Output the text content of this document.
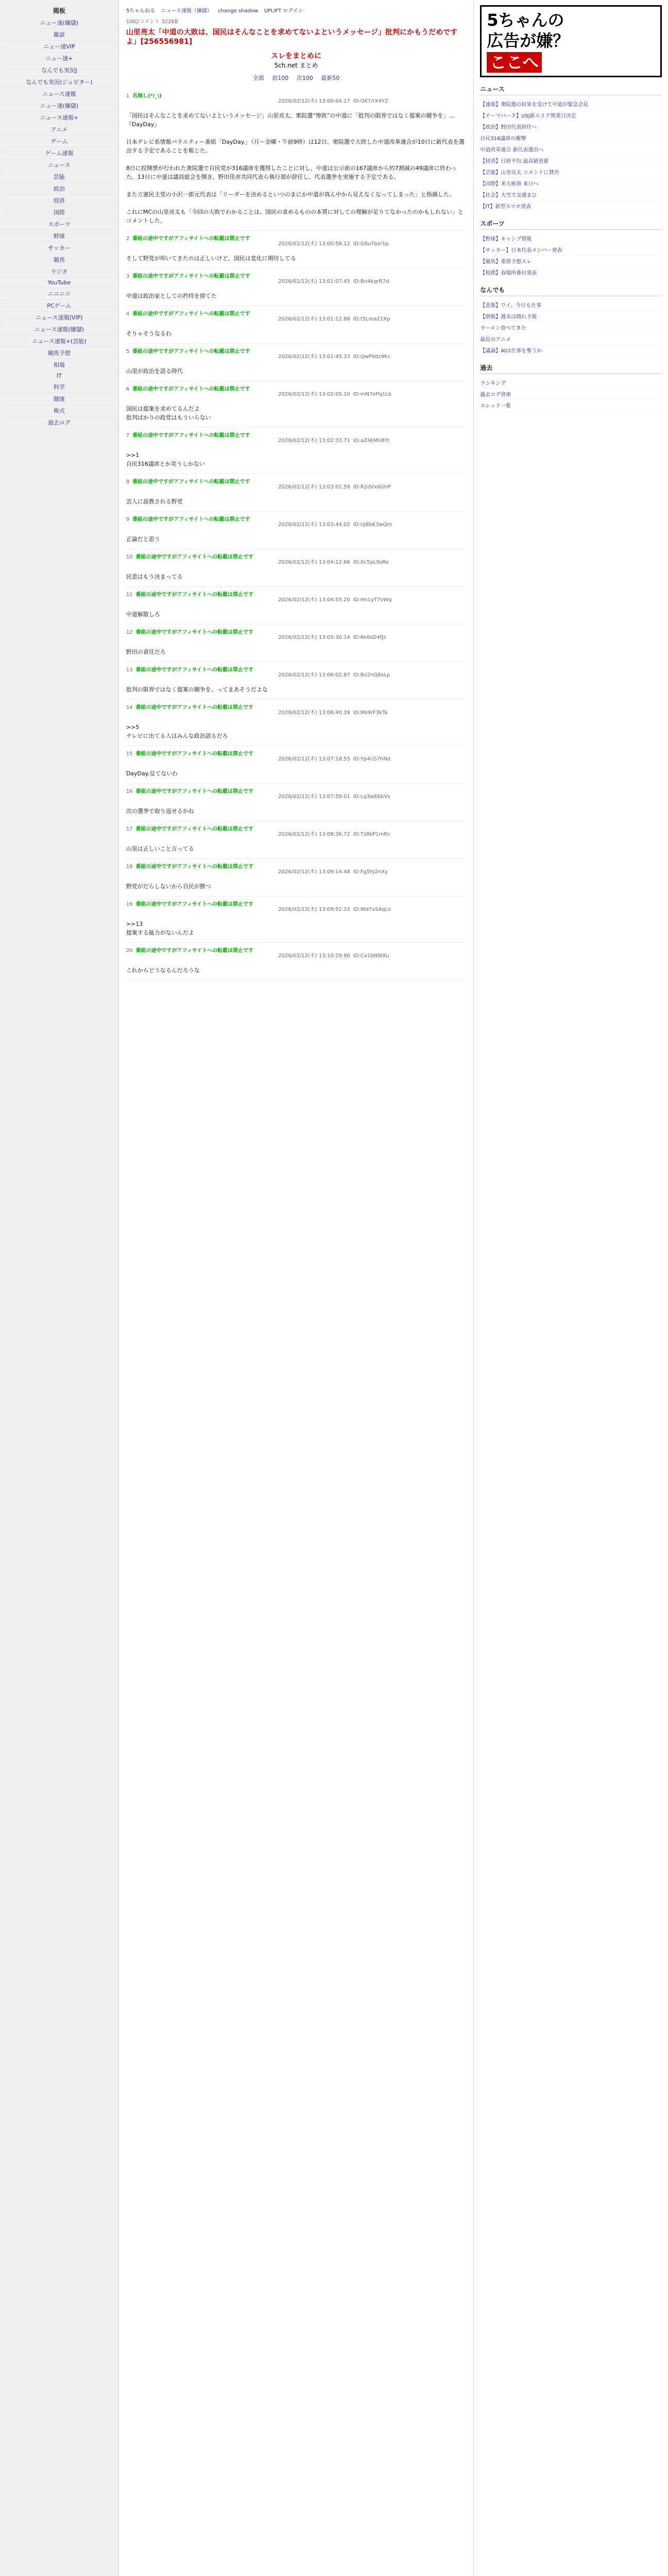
掲板
ニュー速(嫌儲)
雑談
ニュー速VIP
ニュー速+
なんでも実況J
なんでも実況(ジュピター)
ニュース速報
ニュー速(嫌儲)
ニュース速報+
アニメ
ゲーム
ゲーム速報
ニュース
芸能
政治
経済
国際
スポーツ
野球
サッカー
競馬
ラジオ
YouTube
ニコニコ
PCゲーム
ニュース速報(VIP)
ニュース速報(嫌儲)
ニュース速報+(芸能)
競馬予想
相場
IT
科学
健康
株式
過去ログ
5ちゃんねる ニュース速報（嫌儲） change shadow UPLIFT ログイン
1002コメント 322KB
山里亮太「中道の大敗は、国民はそんなことを求めてないよというメッセージ」批判にかもうだめですよ」[256556981]
スレをまとめに
5ch.net まとめ
全部 前100 次100 最新50
1 名無し(*/_\)
2026/02/12(木) 13:00:04.17 ID:OX7/rX4YZ
「国民はそんなことを求めてないよというメッセージ」山里亮太、衆院選“惨敗”の中道に「批判の限界ではなく提案の競争を」…『DayDay』

日本テレビ系情報バラエティー番組「DayDay.」（月～金曜・午前9時）は12日、衆院選で大敗した中道改革連合が10日に新代表を選出する予定であることを報じた。

8日に投開票が行われた衆院選で自民党が316議席を獲得したことに対し、中道は公示前の167議席から約7割減の49議席に終わった。13日に中道は議員総会を開き、野田佳彦共同代表ら執行部が辞任し、代表選挙を実施する予定である。

また立憲民主党の小沢一郎元代表は「リーダーを決めるといつのまにか中道が真ん中から見えなくなってしまった」と指摘した。

これにMCの山里亮太も「今回の大敗でわかることは、国民の求めるものの本質に対しての理解が足りてなかったのかもしれない」とコメントした。
2 番組の途中ですがアフィサイトへの転載は禁止です
2026/02/12(木) 13:00:58.12 ID:G8uYbzr1p
そして野党が叩いてきたのは正しいけど、国民は変化に期待してる
3 番組の途中ですがアフィサイトへの転載は禁止です
2026/02/12(木) 13:01:07.45 ID:Bn4kqrR7d
中道は政治家としての矜持を捨てた
4 番組の途中ですがアフィサイトへの転載は禁止です
2026/02/12(木) 13:01:12.88 ID:t5Lma21Xp
そりゃそうなるわ
5 番組の途中ですがアフィサイトへの転載は禁止です
2026/02/12(木) 13:01:45.33 ID:QwP0dz9Kc
山里が政治を語る時代
6 番組の途中ですがアフィサイトへの転載は禁止です
2026/02/12(木) 13:02:05.10 ID:mN7ePq1Lb
国民は提案を求めてるんだよ
批判ばかりの政党はもういらない
7 番組の途中ですがアフィサイトへの転載は禁止です
2026/02/12(木) 13:02:33.71 ID:aZ4kMn8Yt
>>1
自民316議席とか笑うしかない
8 番組の途中ですがアフィサイトへの転載は禁止です
2026/02/12(木) 13:03:01.59 ID:R2dVx6GhP
芸人に説教される野党
9 番組の途中ですがアフィサイトへの転載は禁止です
2026/02/12(木) 13:03:44.02 ID:Uj8bK3wQm
正論だと思う
10 番組の途中ですがアフィサイトへの転載は禁止です
2026/02/12(木) 13:04:12.66 ID:Xc5pL9sRe
民意はもう決まってる
11 番組の途中ですがアフィサイトへの転載は禁止です
2026/02/12(木) 13:04:55.20 ID:Hn1yT7vWq
中道解散しろ
12 番組の途中ですがアフィサイトへの転載は禁止です
2026/02/12(木) 13:05:30.14 ID:Ke6sD4fJz
野田の責任だろ
13 番組の途中ですがアフィサイトへの転載は禁止です
2026/02/12(木) 13:06:02.87 ID:Bv2nQ8xLp
批判の限界ではなく提案の競争を、ってまあそうだよな
14 番組の途中ですがアフィサイトへの転載は禁止です
2026/02/12(木) 13:06:40.39 ID:Ms9rF3kTa
>>5
テレビに出てる人はみんな政治語るだろ
15 番組の途中ですがアフィサイトへの転載は禁止です
2026/02/12(木) 13:07:18.55 ID:Yp4cG7hNd
DayDay.見てないわ
16 番組の途中ですがアフィサイトへの転載は禁止です
2026/02/12(木) 13:07:59.01 ID:Lq3wE6bVs
次の選挙で取り返せるかね
17 番組の途中ですがアフィサイトへの転載は禁止です
2026/02/12(木) 13:08:36.72 ID:Tz8kP1mRc
山里は正しいこと言ってる
18 番組の途中ですがアフィサイトへの転載は禁止です
2026/02/12(木) 13:09:14.48 ID:Fg5hJ2nXy
野党がだらしないから自民が勝つ
19 番組の途中ですがアフィサイトへの転載は禁止です
2026/02/12(木) 13:09:52.33 ID:Wd7vS4qLo
>>13
提案する能力がないんだよ
20 番組の途中ですがアフィサイトへの転載は禁止です
2026/02/12(木) 13:10:29.90 ID:Ca1bN9tKu
これからどうなるんだろうな
5ちゃんの
広告が嫌？
ここへ
ニュース
【速報】衆院選の結果を受けて中道が緊急会見
【テーマパーク】USJ新エリア開業日決定
【政治】野田代表辞任へ
自民316議席の衝撃
中道改革連合 新代表選出へ
【経済】日経平均 最高値更新
【芸能】山里亮太 コメントに賛否
【国際】米大統領 来日へ
【社会】大雪で交通まひ
【IT】新型スマホ発表
スポーツ
【野球】キャンプ情報
【サッカー】日本代表メンバー発表
【競馬】重賞予想スレ
【相撲】春場所番付発表
なんでも
【悲報】ワイ、今日も仕事
【朗報】週末は晴れ予報
ラーメン食べてきた
最近のアニメ
【議論】AIは仕事を奪うか
過去
ランキング
過去ログ倉庫
スレッド一覧
